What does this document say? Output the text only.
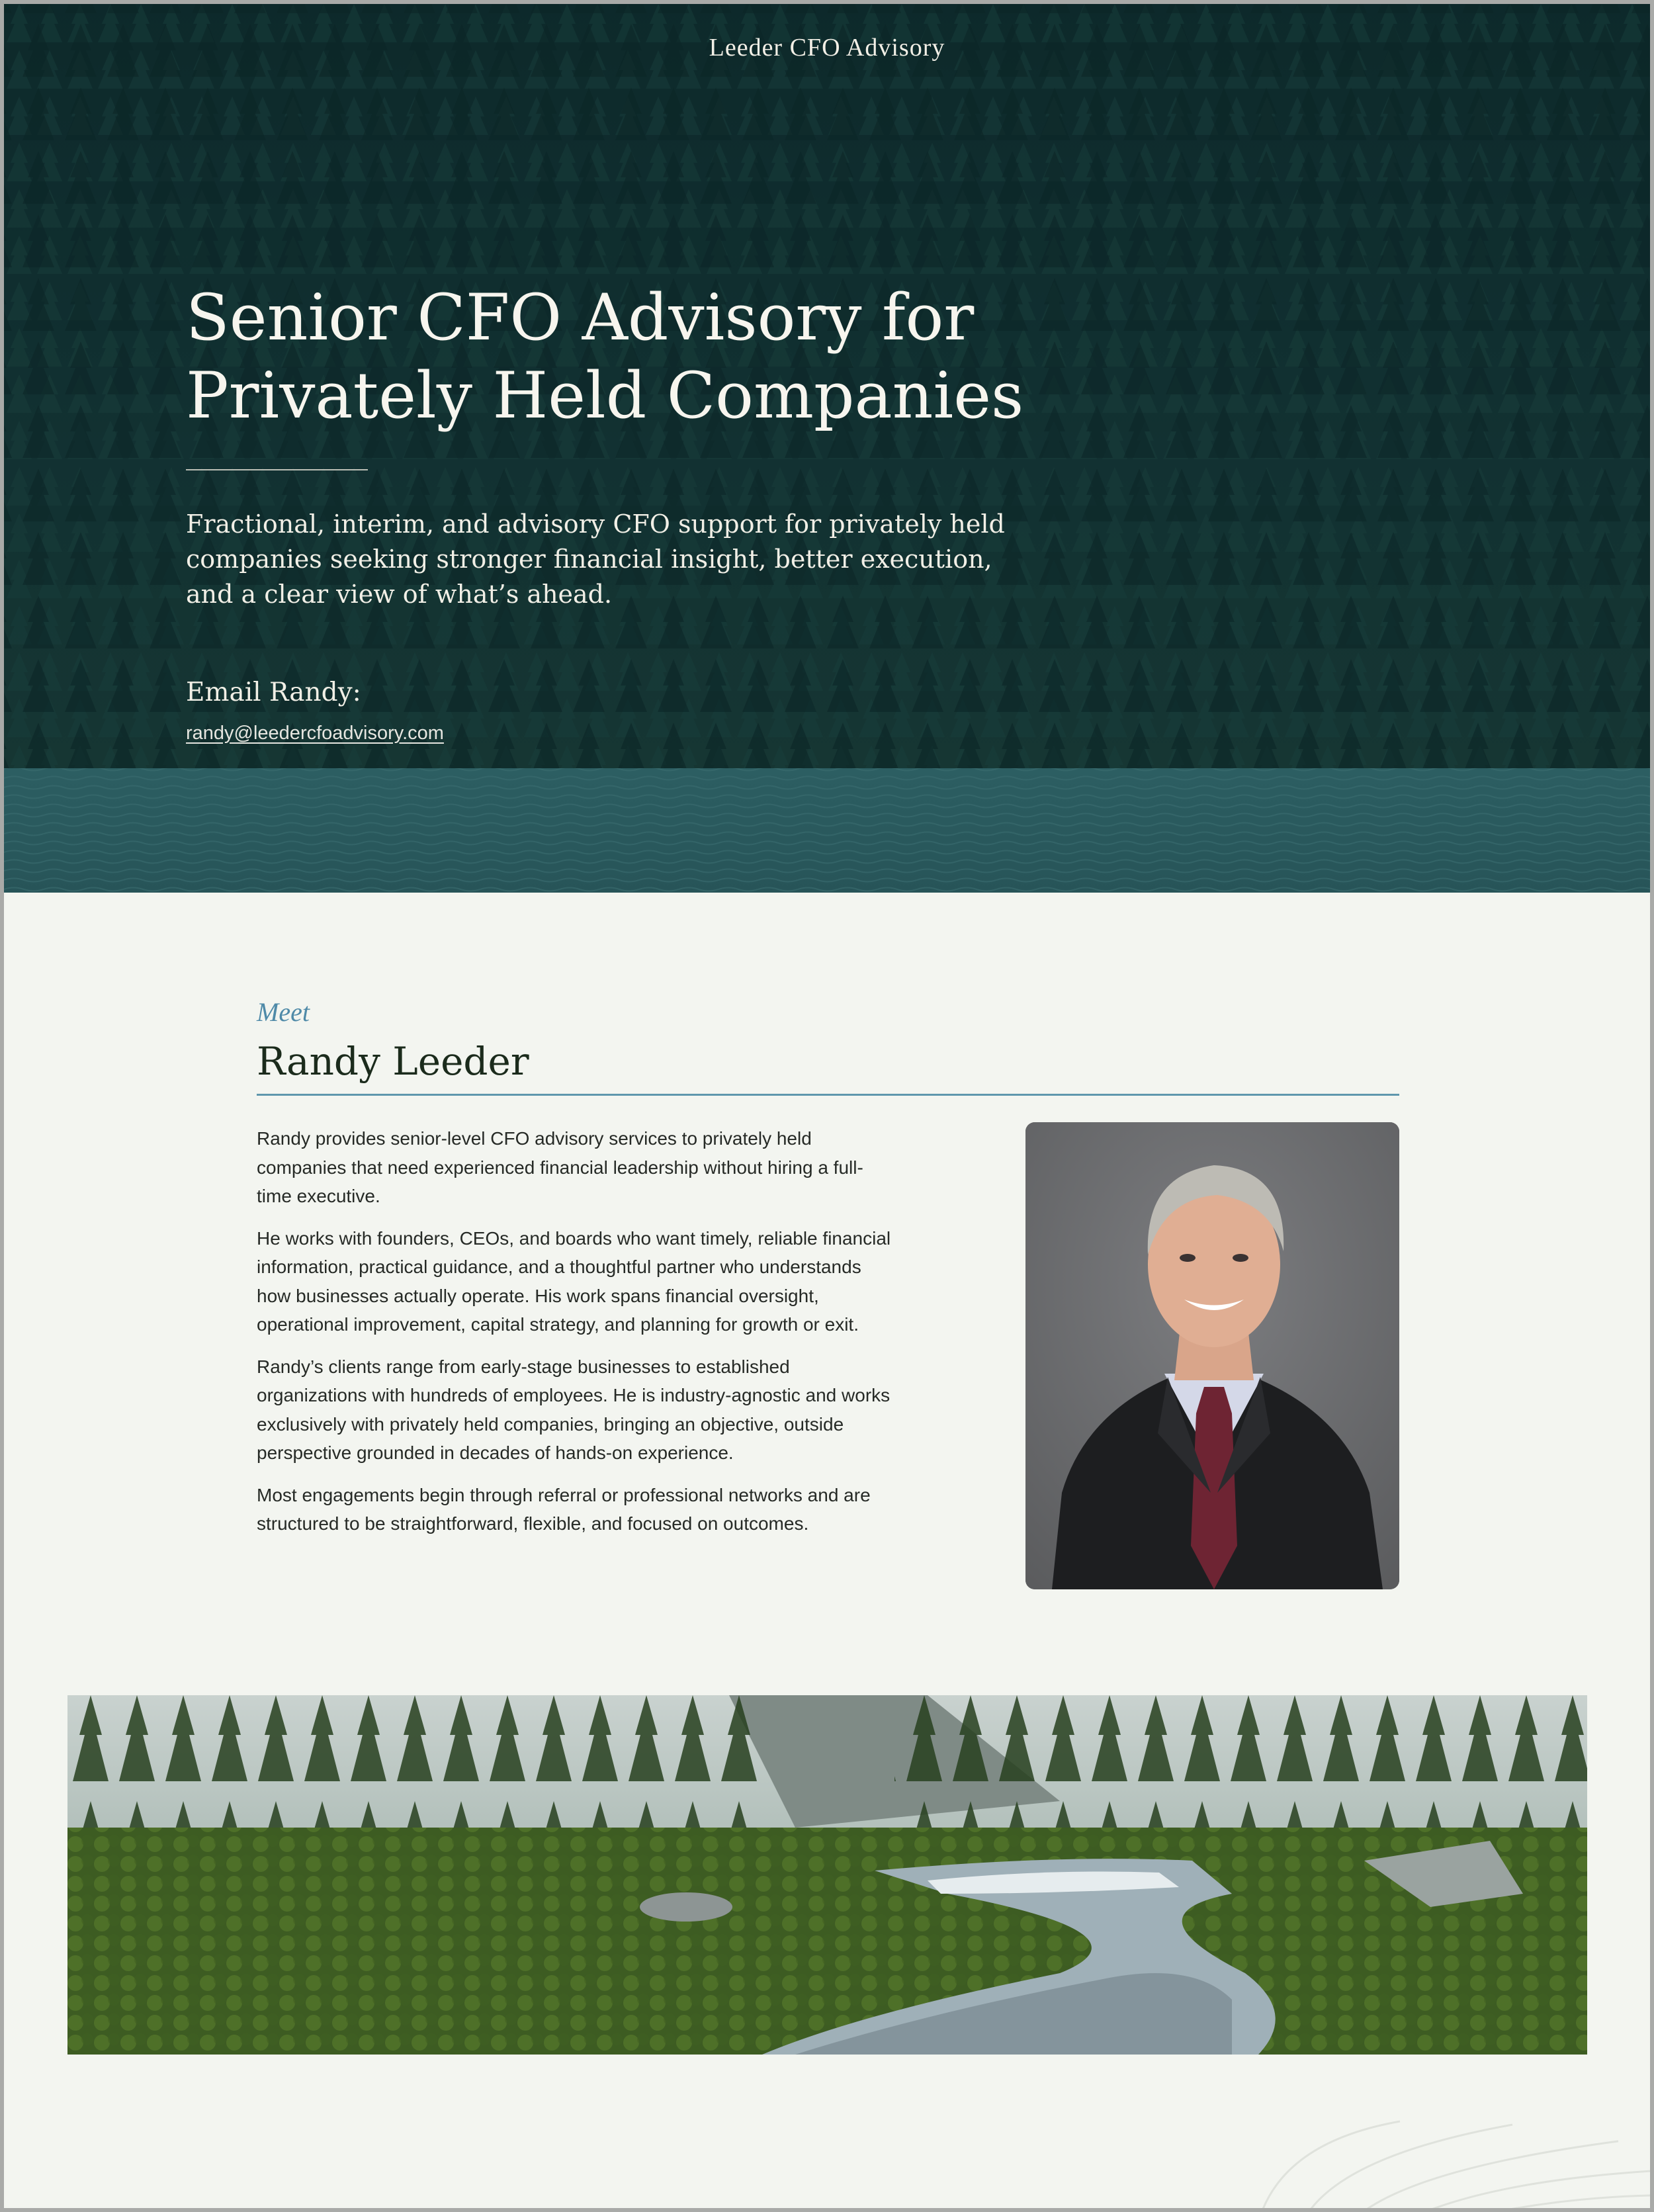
Leeder CFO Advisory
Senior CFO Advisory for Privately Held Companies

Fractional, interim, and advisory CFO support for privately held companies seeking stronger financial insight, better execution, and a clear view of what’s ahead.

Email Randy:
randy@leedercfoadvisory.com
Meet
Randy Leeder

Randy provides senior-level CFO advisory services to privately held companies that need experienced financial leadership without hiring a full-time executive.

He works with founders, CEOs, and boards who want timely, reliable financial information, practical guidance, and a thoughtful partner who understands how businesses actually operate. His work spans financial oversight, operational improvement, capital strategy, and planning for growth or exit.

Randy’s clients range from early-stage businesses to established organizations with hundreds of employees. He is industry-agnostic and works exclusively with privately held companies, bringing an objective, outside perspective grounded in decades of hands-on experience.

Most engagements begin through referral or professional networks and are structured to be straightforward, flexible, and focused on outcomes.
